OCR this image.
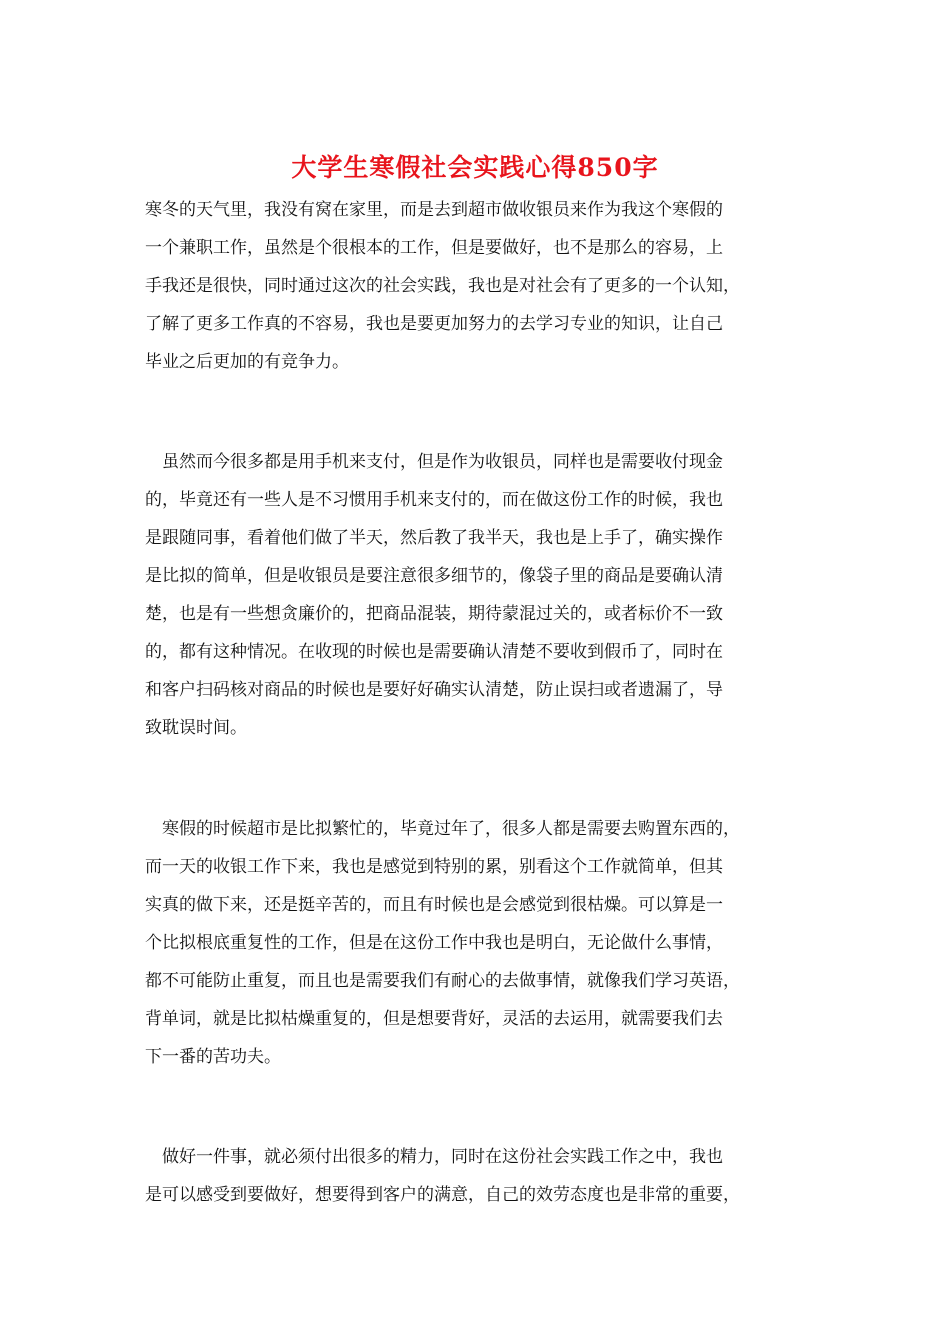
大学生寒假社会实践心得850字
寒冬的天气里，我没有窝在家里，而是去到超市做收银员来作为我这个寒假的
一个兼职工作，虽然是个很根本的工作，但是要做好，也不是那么的容易，上
手我还是很快，同时通过这次的社会实践，我也是对社会有了更多的一个认知，
了解了更多工作真的不容易，我也是要更加努力的去学习专业的知识，让自己
毕业之后更加的有竞争力。
　虽然而今很多都是用手机来支付，但是作为收银员，同样也是需要收付现金
的，毕竟还有一些人是不习惯用手机来支付的，而在做这份工作的时候，我也
是跟随同事，看着他们做了半天，然后教了我半天，我也是上手了，确实操作
是比拟的简单，但是收银员是要注意很多细节的，像袋子里的商品是要确认清
楚，也是有一些想贪廉价的，把商品混装，期待蒙混过关的，或者标价不一致
的，都有这种情况。在收现的时候也是需要确认清楚不要收到假币了，同时在
和客户扫码核对商品的时候也是要好好确实认清楚，防止误扫或者遗漏了，导
致耽误时间。
　寒假的时候超市是比拟繁忙的，毕竟过年了，很多人都是需要去购置东西的，
而一天的收银工作下来，我也是感觉到特别的累，别看这个工作就简单，但其
实真的做下来，还是挺辛苦的，而且有时候也是会感觉到很枯燥。可以算是一
个比拟根底重复性的工作，但是在这份工作中我也是明白，无论做什么事情，
都不可能防止重复，而且也是需要我们有耐心的去做事情，就像我们学习英语，
背单词，就是比拟枯燥重复的，但是想要背好，灵活的去运用，就需要我们去
下一番的苦功夫。
　做好一件事，就必须付出很多的精力，同时在这份社会实践工作之中，我也
是可以感受到要做好，想要得到客户的满意，自己的效劳态度也是非常的重要，
